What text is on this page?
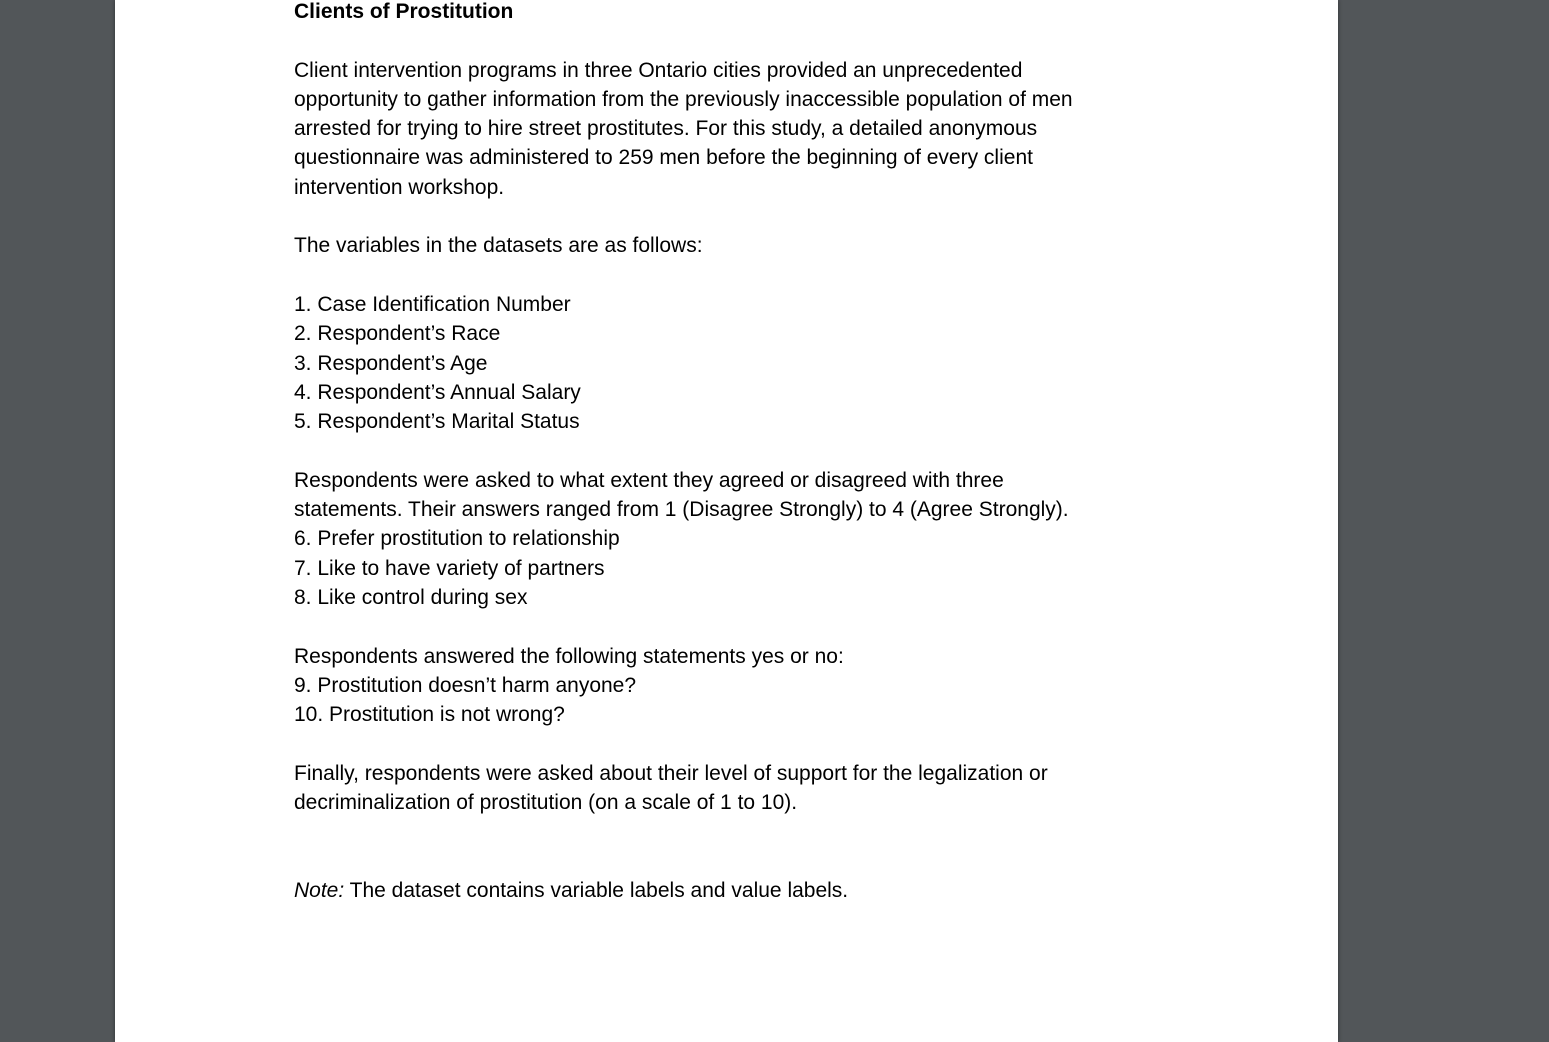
Clients of Prostitution

Client intervention programs in three Ontario cities provided an unprecedented
opportunity to gather information from the previously inaccessible population of men
arrested for trying to hire street prostitutes. For this study, a detailed anonymous
questionnaire was administered to 259 men before the beginning of every client
intervention workshop.

The variables in the datasets are as follows:

1. Case Identification Number
2. Respondent’s Race
3. Respondent’s Age
4. Respondent’s Annual Salary
5. Respondent’s Marital Status

Respondents were asked to what extent they agreed or disagreed with three
statements. Their answers ranged from 1 (Disagree Strongly) to 4 (Agree Strongly).

6. Prefer prostitution to relationship
7. Like to have variety of partners
8. Like control during sex

Respondents answered the following statements yes or no:

9. Prostitution doesn’t harm anyone?
10. Prostitution is not wrong?

Finally, respondents were asked about their level of support for the legalization or
decriminalization of prostitution (on a scale of 1 to 10).

Note: The dataset contains variable labels and value labels.
